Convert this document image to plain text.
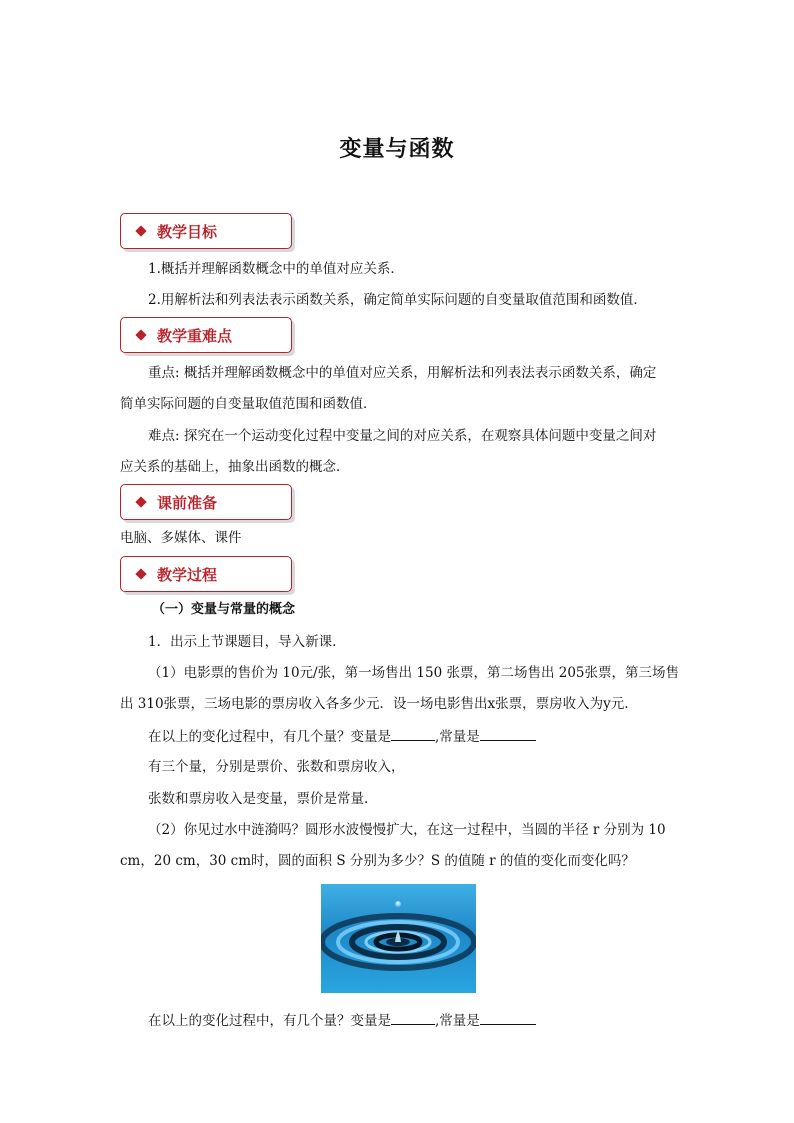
变量与函数
教学目标
1.概括并理解函数概念中的单值对应关系．
2.用解析法和列表法表示函数关系，确定简单实际问题的自变量取值范围和函数值．
教学重难点
重点: 概括并理解函数概念中的单值对应关系，用解析法和列表法表示函数关系，确定
简单实际问题的自变量取值范围和函数值．
难点: 探究在一个运动变化过程中变量之间的对应关系，在观察具体问题中变量之间对
应关系的基础上，抽象出函数的概念．
课前准备
电脑、多媒体、课件
教学过程
（一）变量与常量的概念
1．出示上节课题目，导入新课.
（1）电影票的售价为 10元/张，第一场售出 150 张票，第二场售出 205张票，第三场售
出 310张票，三场电影的票房收入各多少元．设一场电影售出x张票，票房收入为y元.
在以上的变化过程中，有几个量？变量是	,常量是
有三个量，分别是票价、张数和票房收入，
张数和票房收入是变量，票价是常量.
（2）你见过水中涟漪吗？圆形水波慢慢扩大，在这一过程中，当圆的半径 r 分别为 10
cm，20 cm，30 cm时，圆的面积 S 分别为多少？S 的值随 r 的值的变化而变化吗？
在以上的变化过程中，有几个量？变量是	,常量是
